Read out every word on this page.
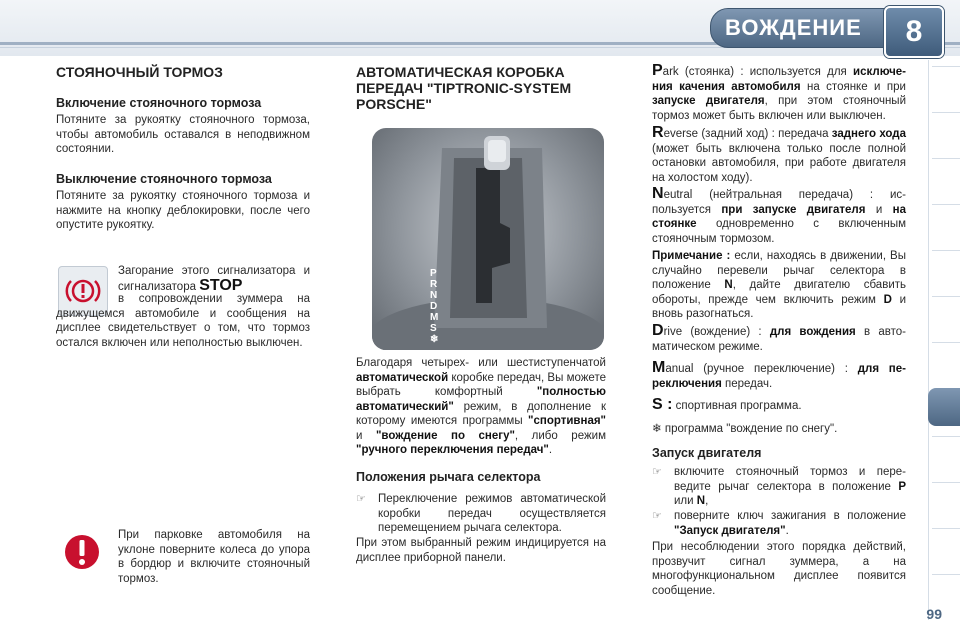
ВОЖДЕНИЕ	8
СТОЯНОЧНЫЙ ТОРМОЗ
Включение стояночного тормоза
Потяните за рукоятку стояночного тормоза, чтобы автомобиль оставался в неподвижном состоянии.
Выключение стояночного тормоза
Потяните за рукоятку стояночного тормоза и нажмите на кнопку деблокировки, после чего опустите рукоятку.
Загорание этого сигнализатора и сигнализатора STOP
в сопровождении зуммера на движущемся автомобиле и сообщения на дисплее свидетельствует о том, что тормоз остался включен или неполностью выключен.
При парковке автомобиля на уклоне поверните колеса до упора в бордюр и включите стояночный тормоз.
АВТОМАТИЧЕСКАЯ КОРОБКА ПЕРЕДАЧ "TIPTRONIC-SYSTEM PORSCHE"
P
R
N
D
M
S
❄
Благодаря четырех- или шестиступенчатой автоматической коробке передач, Вы можете выбрать комфортный	"полностью автоматический" режим, в дополнение к которому имеются программы "спортивная" и "вождение по снегу", либо режим "ручного переключения передач".
Положения рычага селектора
☞	Переключение режимов автоматической коробки передач осуществляется перемещением рычага селектора.
При этом выбранный режим индицируется на дисплее приборной панели.
Park (стоянка) : используется для исключения качения автомобиля на стоянке и при запуске двигателя, при этом стояночный тормоз может быть включен или выключен.
Reverse (задний ход) : передача заднего хода (может быть включена только после полной остановки автомобиля, при работе двигателя на холостом ходу).
Neutral (нейтральная передача) : используется при запуске двигателя и на стоянке одновременно с включенным стояночным тормозом.
Примечание : если, находясь в движении, Вы случайно перевели рычаг селектора в положение N, дайте двигателю сбавить обороты, прежде чем включить режим D и вновь разогнаться.
Drive (вождение) : для вождения в автоматическом режиме.
Manual (ручное переключение) : для переключения передач.
S : спортивная программа.
❄ программа "вождение по снегу".
Запуск двигателя
☞	включите стояночный тормоз и переведите рычаг селектора в положение P или N,
☞	поверните ключ зажигания в положение "Запуск двигателя".
При несоблюдении этого порядка действий, прозвучит сигнал зуммера, а на многофункциональном дисплее появится сообщение.
99
